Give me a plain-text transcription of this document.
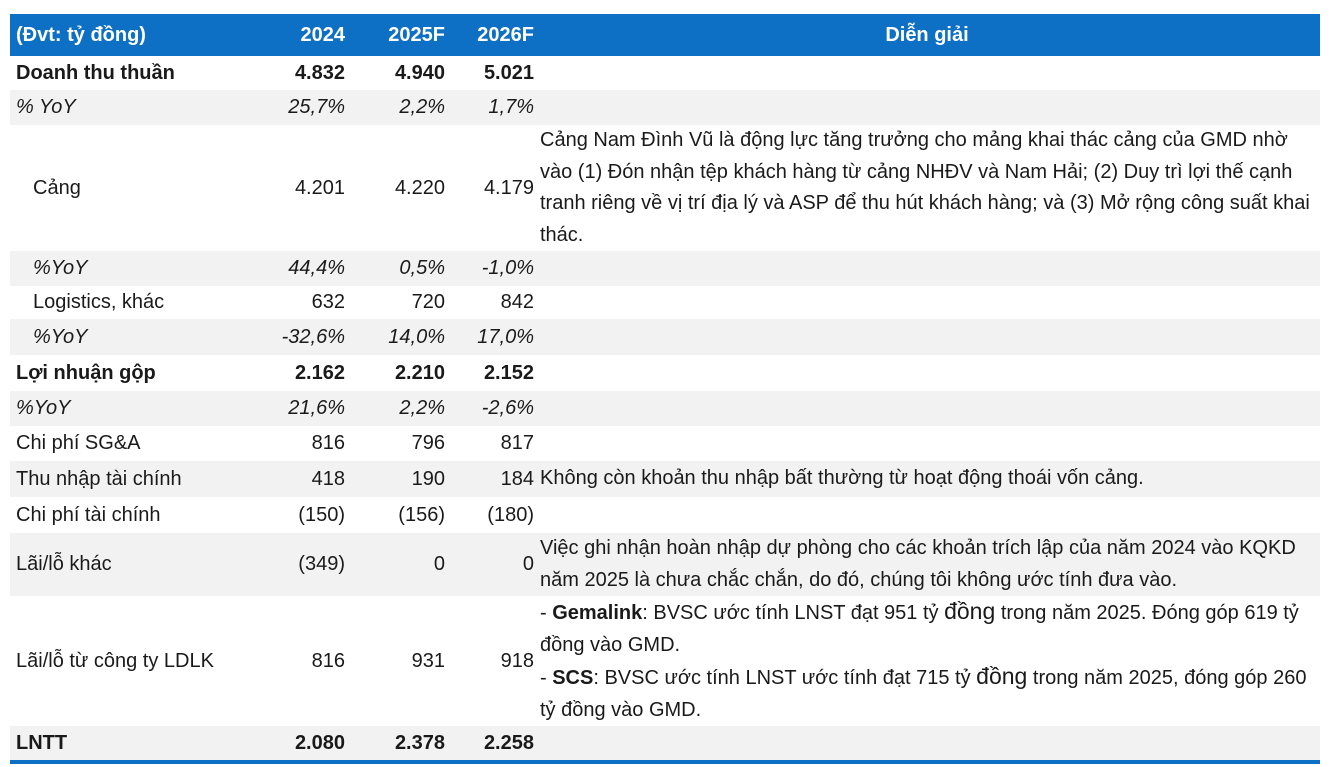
(Đvt: tỷ đồng)	2024	2025F	2026F	Diễn giải
Doanh thu thuần	4.832	4.940	5.021	
% YoY	25,7%	2,2%	1,7%	
Cảng	4.201	4.220	4.179	Cảng Nam Đình Vũ là động lực tăng trưởng cho mảng khai thác cảng của GMD nhờ vào (1) Đón nhận tệp khách hàng từ cảng NHĐV và Nam Hải; (2) Duy trì lợi thế cạnh tranh riêng về vị trí địa lý và ASP để thu hút khách hàng; và (3) Mở rộng công suất khai thác.
%YoY	44,4%	0,5%	-1,0%	
Logistics, khác	632	720	842	
%YoY	-32,6%	14,0%	17,0%	
Lợi nhuận gộp	2.162	2.210	2.152	
%YoY	21,6%	2,2%	-2,6%	
Chi phí SG&A	816	796	817	
Thu nhập tài chính	418	190	184	Không còn khoản thu nhập bất thường từ hoạt động thoái vốn cảng.
Chi phí tài chính	(150)	(156)	(180)	
Lãi/lỗ khác	(349)	0	0	Việc ghi nhận hoàn nhập dự phòng cho các khoản trích lập của năm 2024 vào KQKD năm 2025 là chưa chắc chắn, do đó, chúng tôi không ước tính đưa vào.
Lãi/lỗ từ công ty LDLK	816	931	918	- Gemalink: BVSC ước tính LNST đạt 951 tỷ đồng trong năm 2025. Đóng góp 619 tỷ đồng vào GMD.
- SCS: BVSC ước tính LNST ước tính đạt 715 tỷ đồng trong năm 2025, đóng góp 260 tỷ đồng vào GMD.
LNTT	2.080	2.378	2.258	
